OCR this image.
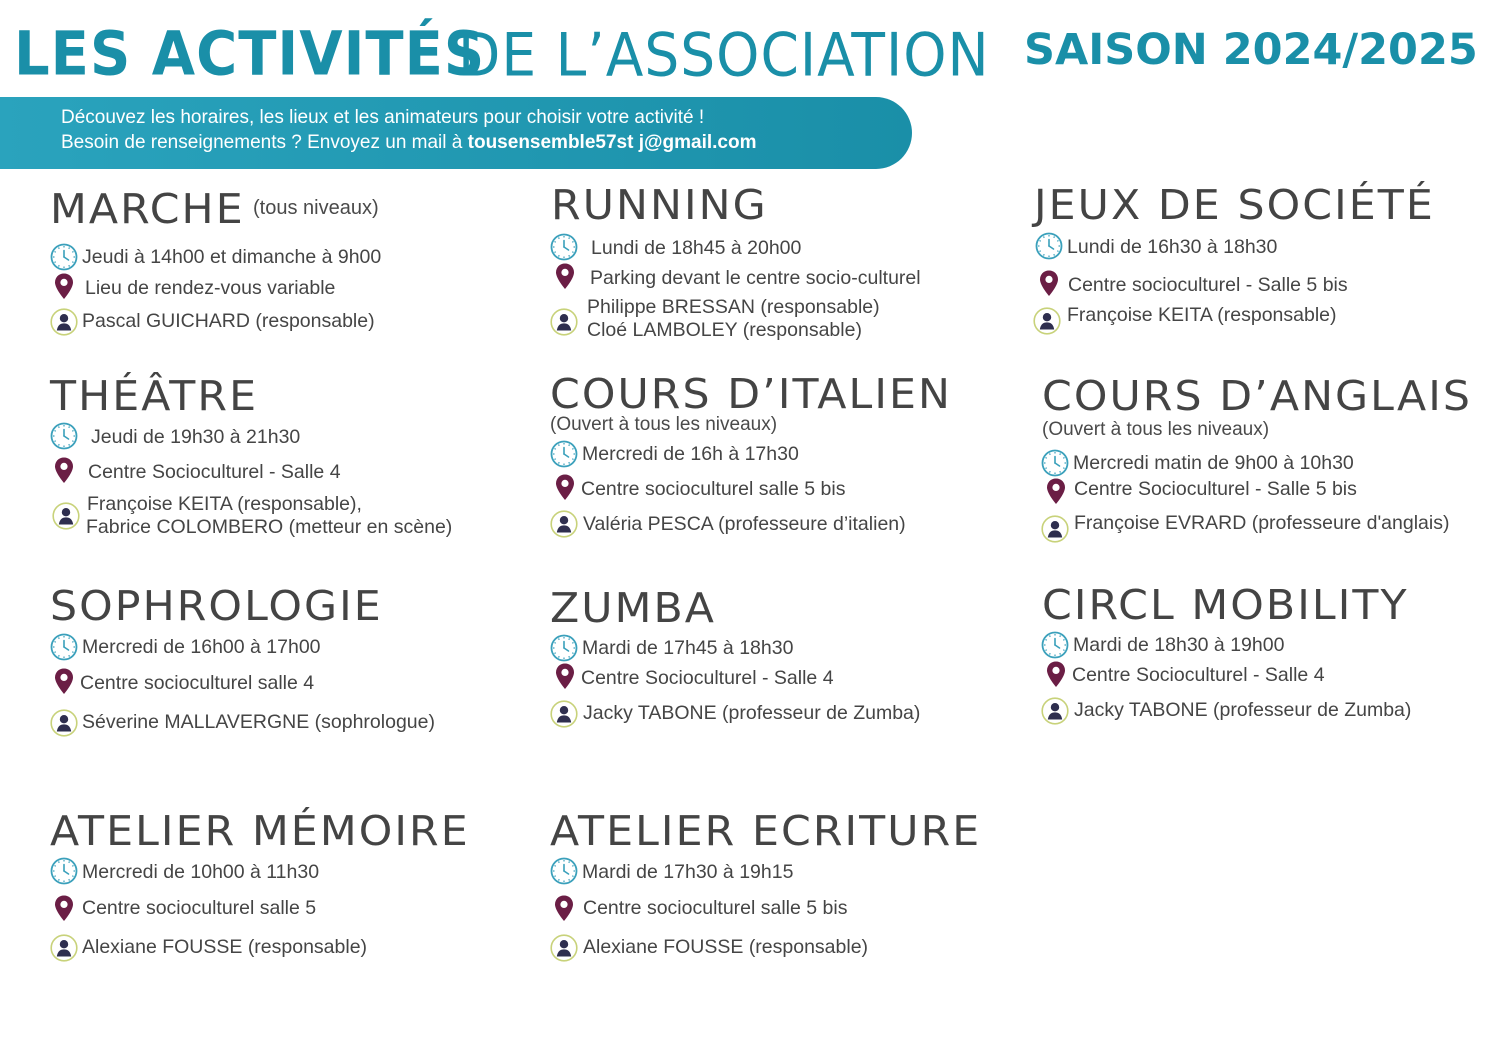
LES ACTIVITÉS
DE L’ASSOCIATION SAISON 2024/2025
Découvez les horaires, les lieux et les animateurs pour choisir votre activité !
Besoin de renseignements ? Envoyez un mail à tousensemble57st j@gmail.com
MARCHE (tous niveaux)
Jeudi à 14h00 et dimanche à 9h00
Lieu de rendez-vous variable
Pascal GUICHARD (responsable)
THÉÂTRE
Jeudi de 19h30 à 21h30
Centre Socioculturel - Salle 4
Françoise KEITA (responsable),
Fabrice COLOMBERO (metteur en scène)
SOPHROLOGIE
Mercredi de 16h00 à 17h00
Centre socioculturel salle 4
Séverine MALLAVERGNE (sophrologue)
ATELIER MÉMOIRE
Mercredi de 10h00 à 11h30
Centre socioculturel salle 5
Alexiane FOUSSE (responsable)
RUNNING
Lundi de 18h45 à 20h00
Parking devant le centre socio-culturel
Philippe BRESSAN (responsable)
Cloé LAMBOLEY (responsable)
COURS D’ITALIEN
(Ouvert à tous les niveaux)
Mercredi de 16h à 17h30
Centre socioculturel salle 5 bis
Valéria PESCA (professeure d’italien)
ZUMBA
Mardi de 17h45 à 18h30
Centre Socioculturel - Salle 4
Jacky TABONE (professeur de Zumba)
ATELIER ECRITURE
Mardi de 17h30 à 19h15
Centre socioculturel salle 5 bis
Alexiane FOUSSE (responsable)
JEUX DE SOCIÉTÉ
Lundi de 16h30 à 18h30
Centre socioculturel - Salle 5 bis
Françoise KEITA (responsable)
COURS D’ANGLAIS
(Ouvert à tous les niveaux)
Mercredi matin de 9h00 à 10h30
Centre Socioculturel - Salle 5 bis
Françoise EVRARD (professeure d'anglais)
CIRCL MOBILITY
Mardi de 18h30 à 19h00
Centre Socioculturel - Salle 4
Jacky TABONE (professeur de Zumba)
